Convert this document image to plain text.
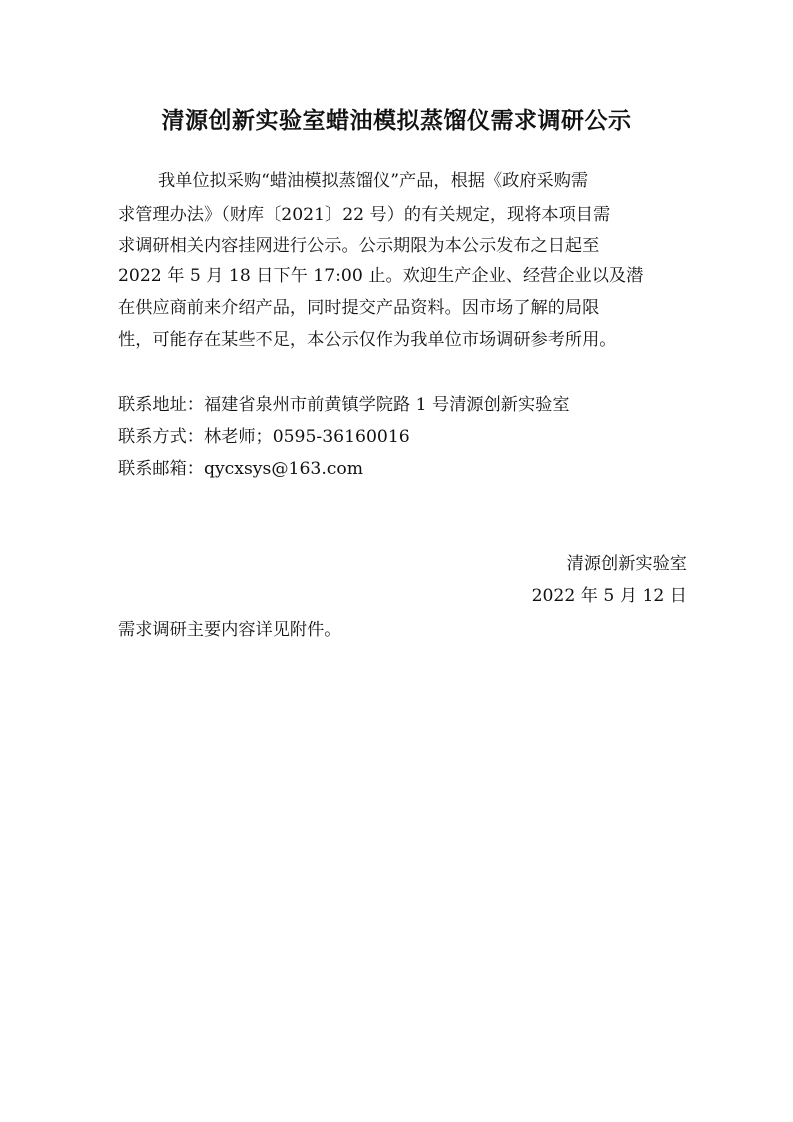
清源创新实验室蜡油模拟蒸馏仪需求调研公示
我单位拟采购“蜡油模拟蒸馏仪”产品，根据《政府采购需
求管理办法》（财库〔2021〕22 号）的有关规定，现将本项目需
求调研相关内容挂网进行公示。公示期限为本公示发布之日起至
2022 年 5 月 18 日下午 17:00 止。欢迎生产企业、经营企业以及潜
在供应商前来介绍产品，同时提交产品资料。因市场了解的局限
性，可能存在某些不足，本公示仅作为我单位市场调研参考所用。
联系地址：福建省泉州市前黄镇学院路 1 号清源创新实验室
联系方式：林老师；0595-36160016
联系邮箱：qycxsys@163.com
清源创新实验室
2022 年 5 月 12 日
需求调研主要内容详见附件。
